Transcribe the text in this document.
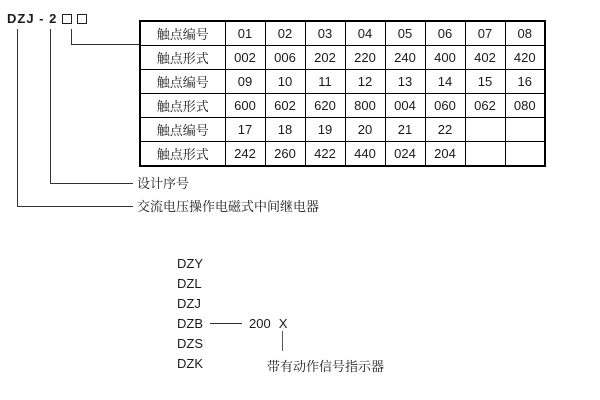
DZJ - 2
触点编号	01	02	03	04	05	06	07	08
触点形式	002	006	202	220	240	400	402	420
触点编号	09	10	11	12	13	14	15	16
触点形式	600	602	620	800	004	060	062	080
触点编号	17	18	19	20	21	22		
触点形式	242	260	422	440	024	204		
设计序号
交流电压操作电磁式中间继电器
DZY
DZL
DZJ
DZB	200 X
DZS
DZK	带有动作信号指示器
